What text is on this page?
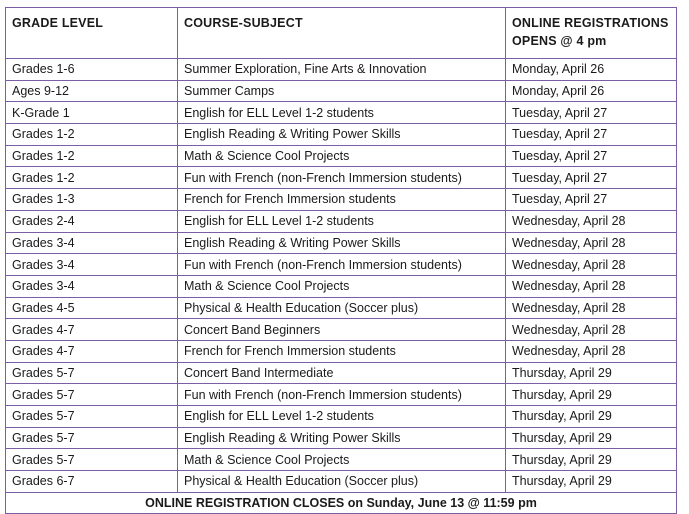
GRADE LEVEL	COURSE-SUBJECT	ONLINE REGISTRATIONS OPENS @ 4 pm
Grades 1-6	Summer Exploration, Fine Arts & Innovation	Monday, April 26
Ages 9-12	Summer Camps	Monday, April 26
K-Grade 1	English for ELL Level 1-2 students	Tuesday, April 27
Grades 1-2	English Reading & Writing Power Skills	Tuesday, April 27
Grades 1-2	Math & Science Cool Projects	Tuesday, April 27
Grades 1-2	Fun with French (non-French Immersion students)	Tuesday, April 27
Grades 1-3	French for French Immersion students	Tuesday, April 27
Grades 2-4	English for ELL Level 1-2 students	Wednesday, April 28
Grades 3-4	English Reading & Writing Power Skills	Wednesday, April 28
Grades 3-4	Fun with French (non-French Immersion students)	Wednesday, April 28
Grades 3-4	Math & Science Cool Projects	Wednesday, April 28
Grades 4-5	Physical & Health Education (Soccer plus)	Wednesday, April 28
Grades 4-7	Concert Band Beginners	Wednesday, April 28
Grades 4-7	French for French Immersion students	Wednesday, April 28
Grades 5-7	Concert Band Intermediate	Thursday, April 29
Grades 5-7	Fun with French (non-French Immersion students)	Thursday, April 29
Grades 5-7	English for ELL Level 1-2 students	Thursday, April 29
Grades 5-7	English Reading & Writing Power Skills	Thursday, April 29
Grades 5-7	Math & Science Cool Projects	Thursday, April 29
Grades 6-7	Physical & Health Education (Soccer plus)	Thursday, April 29
ONLINE REGISTRATION CLOSES on Sunday, June 13 @ 11:59 pm		
